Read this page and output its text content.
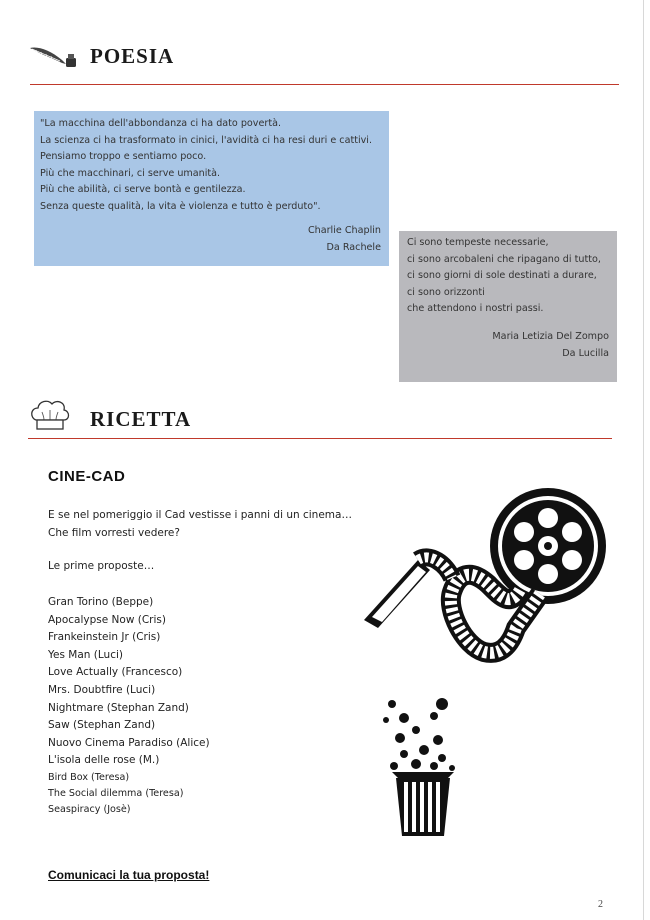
POESIA
"La macchina dell'abbondanza ci ha dato povertà.
La scienza ci ha trasformato in cinici, l'avidità ci ha resi duri e cattivi.
Pensiamo troppo e sentiamo poco.
Più che macchinari, ci serve umanità.
Più che abilità, ci serve bontà e gentilezza.
Senza queste qualità, la vita è violenza e tutto è perduto".
Charlie Chaplin
Da Rachele	Ci sono tempeste necessarie,
ci sono arcobaleni che ripagano di tutto,
ci sono giorni di sole destinati a durare,
ci sono orizzonti
che attendono i nostri passi.
Maria Letizia Del Zompo
Da Lucilla
RICETTA
CINE-CAD
E se nel pomeriggio il Cad vestisse i panni di un cinema…
Che film vorresti vedere?
Le prime proposte…
Gran Torino (Beppe)
Apocalypse Now (Cris)
Frankeinstein Jr (Cris)
Yes Man (Luci)
Love Actually (Francesco)
Mrs. Doubtfire (Luci)
Nightmare (Stephan Zand)
Saw (Stephan Zand)
Nuovo Cinema Paradiso (Alice)
L'isola delle rose (M.)
Bird Box (Teresa)
The Social dilemma (Teresa)
Seaspiracy (Josè)
Comunicaci la tua proposta!
2
